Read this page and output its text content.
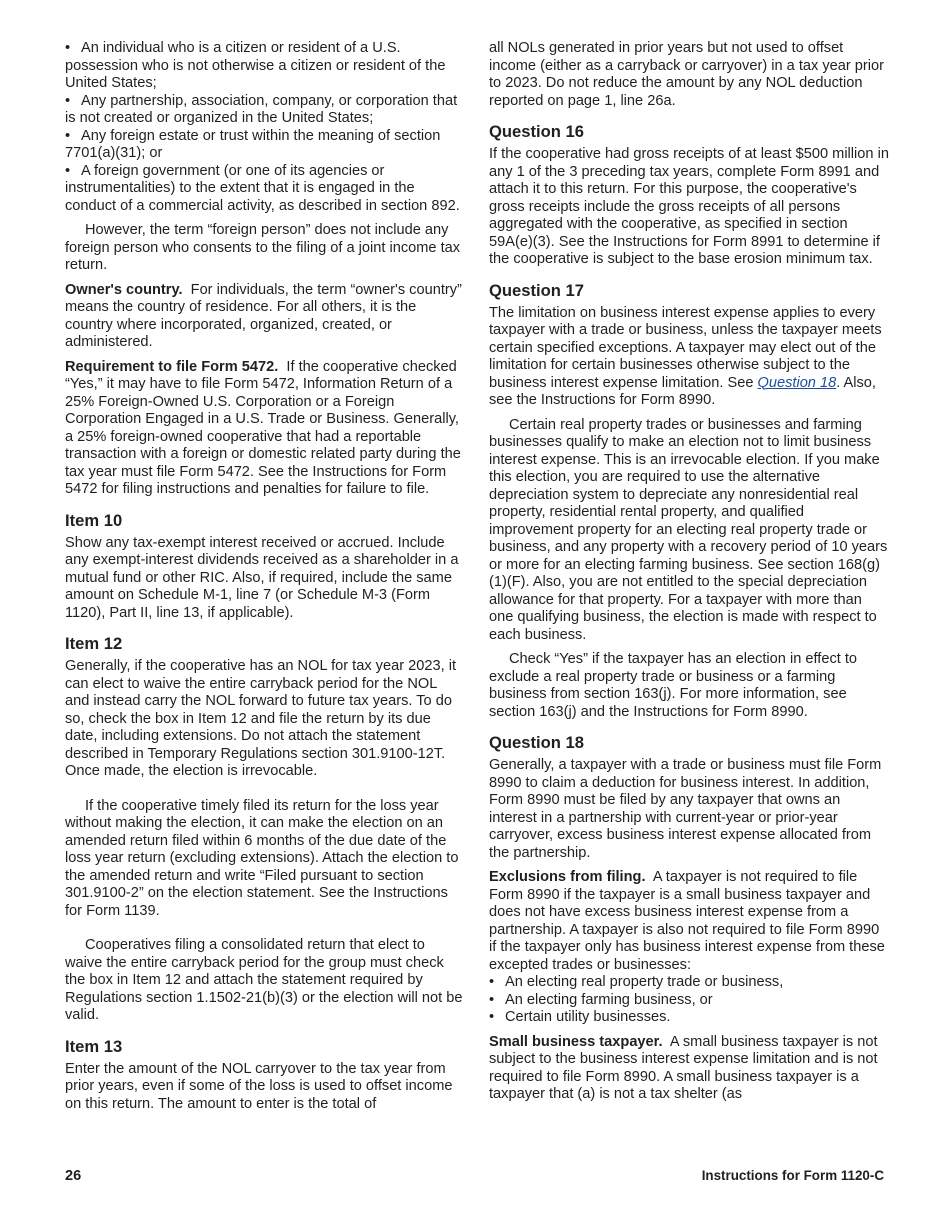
• An individual who is a citizen or resident of a U.S. possession who is not otherwise a citizen or resident of the United States;

• Any partnership, association, company, or corporation that is not created or organized in the United States;

• Any foreign estate or trust within the meaning of section 7701(a)(31); or

• A foreign government (or one of its agencies or instrumentalities) to the extent that it is engaged in the conduct of a commercial activity, as described in section 892.

However, the term “foreign person” does not include any foreign person who consents to the filing of a joint income tax return.

Owner's country. For individuals, the term “owner's country” means the country of residence. For all others, it is the country where incorporated, organized, created, or administered.

Requirement to file Form 5472. If the cooperative checked “Yes,” it may have to file Form 5472, Information Return of a 25% Foreign-Owned U.S. Corporation or a Foreign Corporation Engaged in a U.S. Trade or Business. Generally, a 25% foreign-owned cooperative that had a reportable transaction with a foreign or domestic related party during the tax year must file Form 5472. See the Instructions for Form 5472 for filing instructions and penalties for failure to file.

Item 10

Show any tax-exempt interest received or accrued. Include any exempt-interest dividends received as a shareholder in a mutual fund or other RIC. Also, if required, include the same amount on Schedule M-1, line 7 (or Schedule M-3 (Form 1120), Part II, line 13, if applicable).

Item 12

Generally, if the cooperative has an NOL for tax year 2023, it can elect to waive the entire carryback period for the NOL and instead carry the NOL forward to future tax years. To do so, check the box in Item 12 and file the return by its due date, including extensions. Do not attach the statement described in Temporary Regulations section 301.9100-12T. Once made, the election is irrevocable.

If the cooperative timely filed its return for the loss year without making the election, it can make the election on an amended return filed within 6 months of the due date of the loss year return (excluding extensions). Attach the election to the amended return and write “Filed pursuant to section 301.9100-2” on the election statement. See the Instructions for Form 1139.

Cooperatives filing a consolidated return that elect to waive the entire carryback period for the group must check the box in Item 12 and attach the statement required by Regulations section 1.1502-21(b)(3) or the election will not be valid.

Item 13

Enter the amount of the NOL carryover to the tax year from prior years, even if some of the loss is used to offset income on this return. The amount to enter is the total of

all NOLs generated in prior years but not used to offset income (either as a carryback or carryover) in a tax year prior to 2023. Do not reduce the amount by any NOL deduction reported on page 1, line 26a.

Question 16

If the cooperative had gross receipts of at least $500 million in any 1 of the 3 preceding tax years, complete Form 8991 and attach it to this return. For this purpose, the cooperative's gross receipts include the gross receipts of all persons aggregated with the cooperative, as specified in section 59A(e)(3). See the Instructions for Form 8991 to determine if the cooperative is subject to the base erosion minimum tax.

Question 17

The limitation on business interest expense applies to every taxpayer with a trade or business, unless the taxpayer meets certain specified exceptions. A taxpayer may elect out of the limitation for certain businesses otherwise subject to the business interest expense limitation. See Question 18. Also, see the Instructions for Form 8990.

Certain real property trades or businesses and farming businesses qualify to make an election not to limit business interest expense. This is an irrevocable election. If you make this election, you are required to use the alternative depreciation system to depreciate any nonresidential real property, residential rental property, and qualified improvement property for an electing real property trade or business, and any property with a recovery period of 10 years or more for an electing farming business. See section 168(g)(1)(F). Also, you are not entitled to the special depreciation allowance for that property. For a taxpayer with more than one qualifying business, the election is made with respect to each business.

Check “Yes” if the taxpayer has an election in effect to exclude a real property trade or business or a farming business from section 163(j). For more information, see section 163(j) and the Instructions for Form 8990.

Question 18

Generally, a taxpayer with a trade or business must file Form 8990 to claim a deduction for business interest. In addition, Form 8990 must be filed by any taxpayer that owns an interest in a partnership with current-year or prior-year carryover, excess business interest expense allocated from the partnership.

Exclusions from filing. A taxpayer is not required to file Form 8990 if the taxpayer is a small business taxpayer and does not have excess business interest expense from a partnership. A taxpayer is also not required to file Form 8990 if the taxpayer only has business interest expense from these excepted trades or businesses:

• An electing real property trade or business,

• An electing farming business, or

• Certain utility businesses.

Small business taxpayer. A small business taxpayer is not subject to the business interest expense limitation and is not required to file Form 8990. A small business taxpayer is a taxpayer that (a) is not a tax shelter (as

26	Instructions for Form 1120-C
